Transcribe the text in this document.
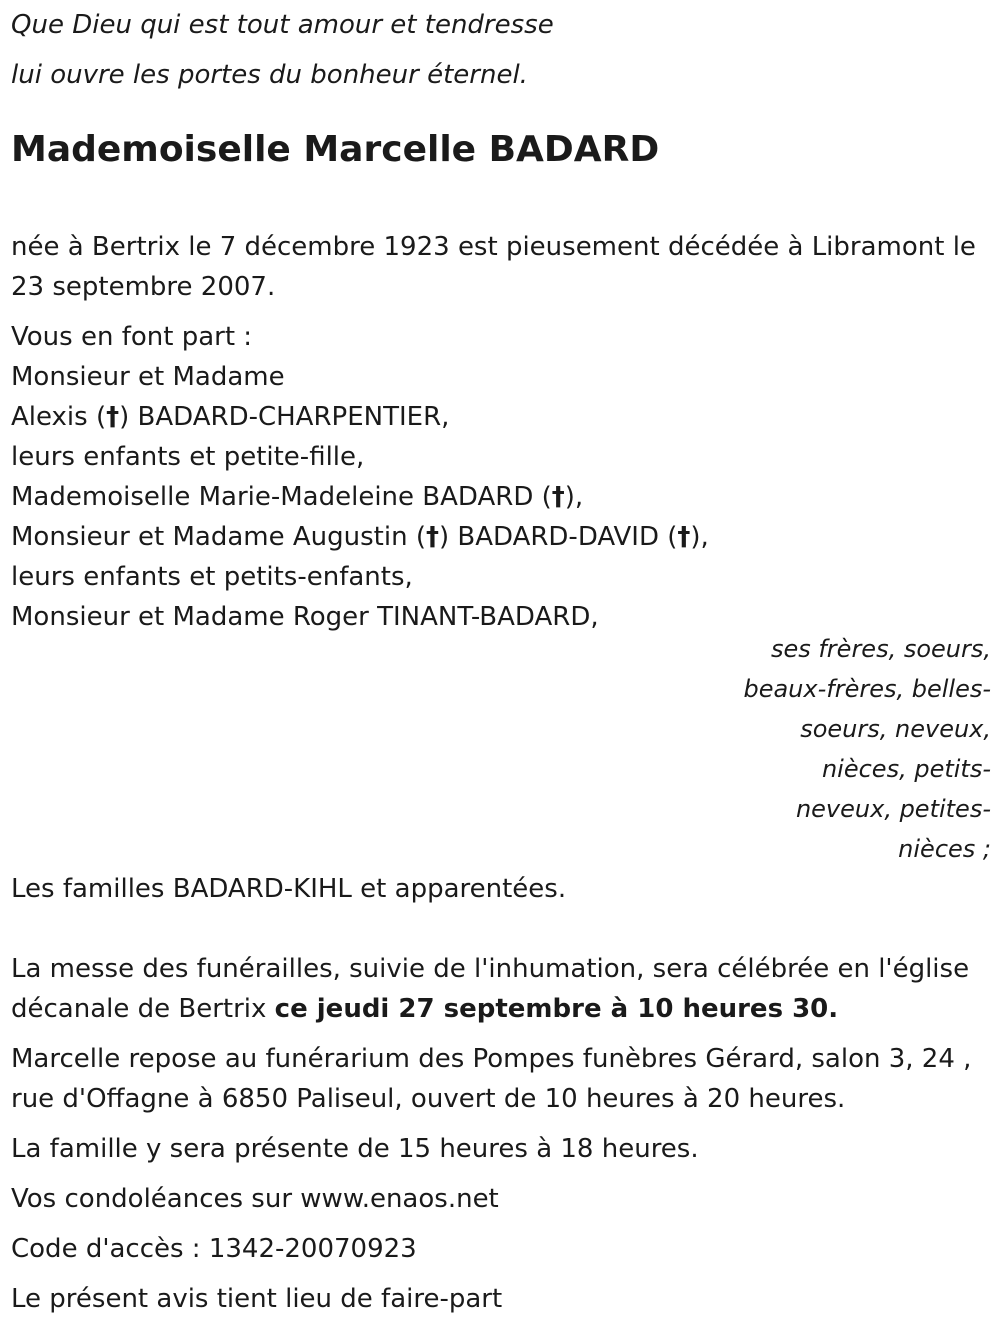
Que Dieu qui est tout amour et tendresse
lui ouvre les portes du bonheur éternel.
Mademoiselle Marcelle BADARD
née à Bertrix le 7 décembre 1923 est pieusement décédée à Libramont le 23 septembre 2007.
Vous en font part :
Monsieur et Madame
Alexis (†) BADARD-CHARPENTIER,
leurs enfants et petite-fille,
Mademoiselle Marie-Madeleine BADARD (†),
Monsieur et Madame Augustin (†) BADARD-DAVID (†),
leurs enfants et petits-enfants,
Monsieur et Madame Roger TINANT-BADARD,
ses frères, soeurs, beaux-frères, belles-soeurs, neveux, nièces, petits-neveux, petites-nièces ;
Les familles BADARD-KIHL et apparentées.
La messe des funérailles, suivie de l'inhumation, sera célébrée en l'église décanale de Bertrix ce jeudi 27 septembre à 10 heures 30.
Marcelle repose au funérarium des Pompes funèbres Gérard, salon 3, 24 , rue d'Offagne à 6850 Paliseul, ouvert de 10 heures à 20 heures.
La famille y sera présente de 15 heures à 18 heures.
Vos condoléances sur www.enaos.net
Code d'accès : 1342-20070923
Le présent avis tient lieu de faire-part
